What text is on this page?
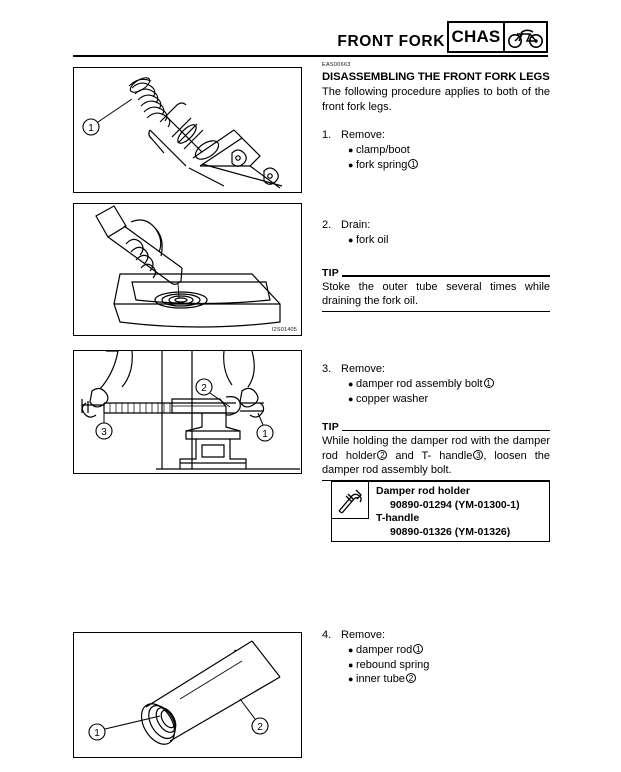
FRONT FORK CHAS
1
I2S01405
2
1
3
1
2
EAS00663
DISASSEMBLING THE FRONT FORK LEGS

The following procedure applies to both of the front fork legs.

1. Remove:
● clamp/boot
● fork spring 1
2. Drain:
● fork oil
TIP

Stoke the outer tube several times while draining the fork oil.

3. Remove:
● damper rod assembly bolt 1
● copper washer
TIP

While holding the damper rod with the damper rod holder 2 and T- handle 3 , loosen the damper rod assembly bolt.

4. Remove:
● damper rod 1
● rebound spring
● inner tube 2
Damper rod holder
90890-01294 (YM-01300-1)
T-handle
90890-01326 (YM-01326)
